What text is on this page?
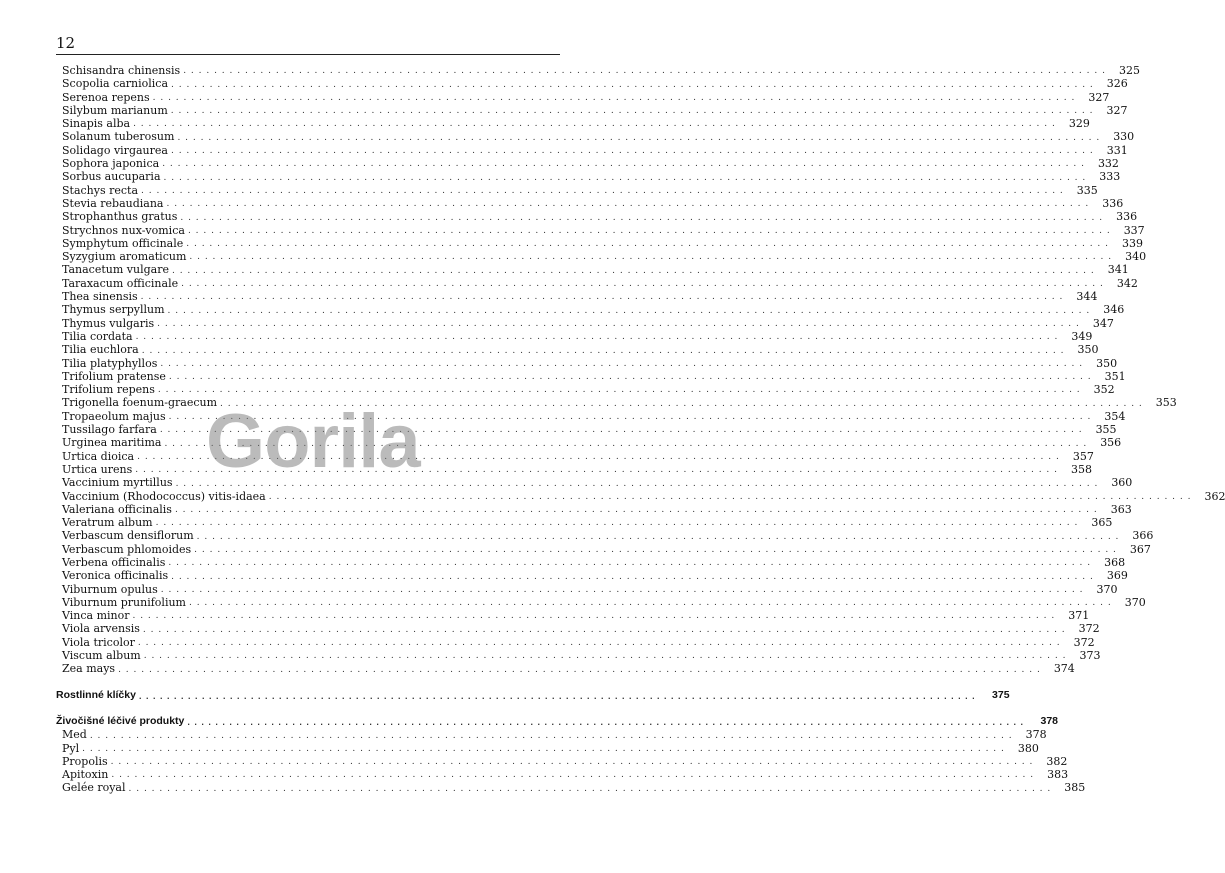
12
Schisandra chinensis . . . . . . . . . . . . . . . . . . . . . . . . . . . . . . . . . . . . . . . . . . . . . . . . . . . . . . . . . . . . . . . . . . . . . . . . . . . . . . . . . . . . . . . . . . . . . . . . . . . . . . . . . . . . . . . . . . . . . . . .	325
Scopolia carniolica . . . . . . . . . . . . . . . . . . . . . . . . . . . . . . . . . . . . . . . . . . . . . . . . . . . . . . . . . . . . . . . . . . . . . . . . . . . . . . . . . . . . . . . . . . . . . . . . . . . . . . . . . . . . . . . . . . . . . . . .	326
Serenoa repens . . . . . . . . . . . . . . . . . . . . . . . . . . . . . . . . . . . . . . . . . . . . . . . . . . . . . . . . . . . . . . . . . . . . . . . . . . . . . . . . . . . . . . . . . . . . . . . . . . . . . . . . . . . . . . . . . . . . . . . .	327
Silybum marianum . . . . . . . . . . . . . . . . . . . . . . . . . . . . . . . . . . . . . . . . . . . . . . . . . . . . . . . . . . . . . . . . . . . . . . . . . . . . . . . . . . . . . . . . . . . . . . . . . . . . . . . . . . . . . . . . . . . . . . . .	327
Sinapis alba . . . . . . . . . . . . . . . . . . . . . . . . . . . . . . . . . . . . . . . . . . . . . . . . . . . . . . . . . . . . . . . . . . . . . . . . . . . . . . . . . . . . . . . . . . . . . . . . . . . . . . . . . . . . . . . . . . . . . . . .	329
Solanum tuberosum . . . . . . . . . . . . . . . . . . . . . . . . . . . . . . . . . . . . . . . . . . . . . . . . . . . . . . . . . . . . . . . . . . . . . . . . . . . . . . . . . . . . . . . . . . . . . . . . . . . . . . . . . . . . . . . . . . . . . . . .	330
Solidago virgaurea . . . . . . . . . . . . . . . . . . . . . . . . . . . . . . . . . . . . . . . . . . . . . . . . . . . . . . . . . . . . . . . . . . . . . . . . . . . . . . . . . . . . . . . . . . . . . . . . . . . . . . . . . . . . . . . . . . . . . . . .	331
Sophora japonica . . . . . . . . . . . . . . . . . . . . . . . . . . . . . . . . . . . . . . . . . . . . . . . . . . . . . . . . . . . . . . . . . . . . . . . . . . . . . . . . . . . . . . . . . . . . . . . . . . . . . . . . . . . . . . . . . . . . . . . .	332
Sorbus aucuparia . . . . . . . . . . . . . . . . . . . . . . . . . . . . . . . . . . . . . . . . . . . . . . . . . . . . . . . . . . . . . . . . . . . . . . . . . . . . . . . . . . . . . . . . . . . . . . . . . . . . . . . . . . . . . . . . . . . . . . . .	333
Stachys recta . . . . . . . . . . . . . . . . . . . . . . . . . . . . . . . . . . . . . . . . . . . . . . . . . . . . . . . . . . . . . . . . . . . . . . . . . . . . . . . . . . . . . . . . . . . . . . . . . . . . . . . . . . . . . . . . . . . . . . . .	335
Stevia rebaudiana . . . . . . . . . . . . . . . . . . . . . . . . . . . . . . . . . . . . . . . . . . . . . . . . . . . . . . . . . . . . . . . . . . . . . . . . . . . . . . . . . . . . . . . . . . . . . . . . . . . . . . . . . . . . . . . . . . . . . . . .	336
Strophanthus gratus . . . . . . . . . . . . . . . . . . . . . . . . . . . . . . . . . . . . . . . . . . . . . . . . . . . . . . . . . . . . . . . . . . . . . . . . . . . . . . . . . . . . . . . . . . . . . . . . . . . . . . . . . . . . . . . . . . . . . . . .	336
Strychnos nux-vomica . . . . . . . . . . . . . . . . . . . . . . . . . . . . . . . . . . . . . . . . . . . . . . . . . . . . . . . . . . . . . . . . . . . . . . . . . . . . . . . . . . . . . . . . . . . . . . . . . . . . . . . . . . . . . . . . . . . . . . . .	337
Symphytum officinale . . . . . . . . . . . . . . . . . . . . . . . . . . . . . . . . . . . . . . . . . . . . . . . . . . . . . . . . . . . . . . . . . . . . . . . . . . . . . . . . . . . . . . . . . . . . . . . . . . . . . . . . . . . . . . . . . . . . . . . .	339
Syzygium aromaticum . . . . . . . . . . . . . . . . . . . . . . . . . . . . . . . . . . . . . . . . . . . . . . . . . . . . . . . . . . . . . . . . . . . . . . . . . . . . . . . . . . . . . . . . . . . . . . . . . . . . . . . . . . . . . . . . . . . . . . . .	340
Tanacetum vulgare . . . . . . . . . . . . . . . . . . . . . . . . . . . . . . . . . . . . . . . . . . . . . . . . . . . . . . . . . . . . . . . . . . . . . . . . . . . . . . . . . . . . . . . . . . . . . . . . . . . . . . . . . . . . . . . . . . . . . . . .	341
Taraxacum officinale . . . . . . . . . . . . . . . . . . . . . . . . . . . . . . . . . . . . . . . . . . . . . . . . . . . . . . . . . . . . . . . . . . . . . . . . . . . . . . . . . . . . . . . . . . . . . . . . . . . . . . . . . . . . . . . . . . . . . . . .	342
Thea sinensis . . . . . . . . . . . . . . . . . . . . . . . . . . . . . . . . . . . . . . . . . . . . . . . . . . . . . . . . . . . . . . . . . . . . . . . . . . . . . . . . . . . . . . . . . . . . . . . . . . . . . . . . . . . . . . . . . . . . . . . .	344
Thymus serpyllum . . . . . . . . . . . . . . . . . . . . . . . . . . . . . . . . . . . . . . . . . . . . . . . . . . . . . . . . . . . . . . . . . . . . . . . . . . . . . . . . . . . . . . . . . . . . . . . . . . . . . . . . . . . . . . . . . . . . . . . .	346
Thymus vulgaris . . . . . . . . . . . . . . . . . . . . . . . . . . . . . . . . . . . . . . . . . . . . . . . . . . . . . . . . . . . . . . . . . . . . . . . . . . . . . . . . . . . . . . . . . . . . . . . . . . . . . . . . . . . . . . . . . . . . . . . .	347
Tilia cordata . . . . . . . . . . . . . . . . . . . . . . . . . . . . . . . . . . . . . . . . . . . . . . . . . . . . . . . . . . . . . . . . . . . . . . . . . . . . . . . . . . . . . . . . . . . . . . . . . . . . . . . . . . . . . . . . . . . . . . . .	349
Tilia euchlora . . . . . . . . . . . . . . . . . . . . . . . . . . . . . . . . . . . . . . . . . . . . . . . . . . . . . . . . . . . . . . . . . . . . . . . . . . . . . . . . . . . . . . . . . . . . . . . . . . . . . . . . . . . . . . . . . . . . . . . .	350
Tilia platyphyllos . . . . . . . . . . . . . . . . . . . . . . . . . . . . . . . . . . . . . . . . . . . . . . . . . . . . . . . . . . . . . . . . . . . . . . . . . . . . . . . . . . . . . . . . . . . . . . . . . . . . . . . . . . . . . . . . . . . . . . . .	350
Trifolium pratense . . . . . . . . . . . . . . . . . . . . . . . . . . . . . . . . . . . . . . . . . . . . . . . . . . . . . . . . . . . . . . . . . . . . . . . . . . . . . . . . . . . . . . . . . . . . . . . . . . . . . . . . . . . . . . . . . . . . . . . .	351
Trifolium repens . . . . . . . . . . . . . . . . . . . . . . . . . . . . . . . . . . . . . . . . . . . . . . . . . . . . . . . . . . . . . . . . . . . . . . . . . . . . . . . . . . . . . . . . . . . . . . . . . . . . . . . . . . . . . . . . . . . . . . . .	352
Trigonella foenum-graecum . . . . . . . . . . . . . . . . . . . . . . . . . . . . . . . . . . . . . . . . . . . . . . . . . . . . . . . . . . . . . . . . . . . . . . . . . . . . . . . . . . . . . . . . . . . . . . . . . . . . . . . . . . . . . . . . . . . . . . . .	353
Tropaeolum majus . . . . . . . . . . . . . . . . . . . . . . . . . . . . . . . . . . . . . . . . . . . . . . . . . . . . . . . . . . . . . . . . . . . . . . . . . . . . . . . . . . . . . . . . . . . . . . . . . . . . . . . . . . . . . . . . . . . . . . . .	354
Tussilago farfara . . . . . . . . . . . . . . . . . . . . . . . . . . . . . . . . . . . . . . . . . . . . . . . . . . . . . . . . . . . . . . . . . . . . . . . . . . . . . . . . . . . . . . . . . . . . . . . . . . . . . . . . . . . . . . . . . . . . . . . .	355
Urginea maritima . . . . . . . . . . . . . . . . . . . . . . . . . . . . . . . . . . . . . . . . . . . . . . . . . . . . . . . . . . . . . . . . . . . . . . . . . . . . . . . . . . . . . . . . . . . . . . . . . . . . . . . . . . . . . . . . . . . . . . . .	356
Urtica dioica . . . . . . . . . . . . . . . . . . . . . . . . . . . . . . . . . . . . . . . . . . . . . . . . . . . . . . . . . . . . . . . . . . . . . . . . . . . . . . . . . . . . . . . . . . . . . . . . . . . . . . . . . . . . . . . . . . . . . . . .	357
Urtica urens . . . . . . . . . . . . . . . . . . . . . . . . . . . . . . . . . . . . . . . . . . . . . . . . . . . . . . . . . . . . . . . . . . . . . . . . . . . . . . . . . . . . . . . . . . . . . . . . . . . . . . . . . . . . . . . . . . . . . . . .	358
Vaccinium myrtillus . . . . . . . . . . . . . . . . . . . . . . . . . . . . . . . . . . . . . . . . . . . . . . . . . . . . . . . . . . . . . . . . . . . . . . . . . . . . . . . . . . . . . . . . . . . . . . . . . . . . . . . . . . . . . . . . . . . . . . . .	360
Vaccinium (Rhodococcus) vitis-idaea . . . . . . . . . . . . . . . . . . . . . . . . . . . . . . . . . . . . . . . . . . . . . . . . . . . . . . . . . . . . . . . . . . . . . . . . . . . . . . . . . . . . . . . . . . . . . . . . . . . . . . . . . . . . . . . . . . . . . . . .	362
Valeriana officinalis . . . . . . . . . . . . . . . . . . . . . . . . . . . . . . . . . . . . . . . . . . . . . . . . . . . . . . . . . . . . . . . . . . . . . . . . . . . . . . . . . . . . . . . . . . . . . . . . . . . . . . . . . . . . . . . . . . . . . . . .	363
Veratrum album . . . . . . . . . . . . . . . . . . . . . . . . . . . . . . . . . . . . . . . . . . . . . . . . . . . . . . . . . . . . . . . . . . . . . . . . . . . . . . . . . . . . . . . . . . . . . . . . . . . . . . . . . . . . . . . . . . . . . . . .	365
Verbascum densiflorum . . . . . . . . . . . . . . . . . . . . . . . . . . . . . . . . . . . . . . . . . . . . . . . . . . . . . . . . . . . . . . . . . . . . . . . . . . . . . . . . . . . . . . . . . . . . . . . . . . . . . . . . . . . . . . . . . . . . . . . .	366
Verbascum phlomoides . . . . . . . . . . . . . . . . . . . . . . . . . . . . . . . . . . . . . . . . . . . . . . . . . . . . . . . . . . . . . . . . . . . . . . . . . . . . . . . . . . . . . . . . . . . . . . . . . . . . . . . . . . . . . . . . . . . . . . . .	367
Verbena officinalis . . . . . . . . . . . . . . . . . . . . . . . . . . . . . . . . . . . . . . . . . . . . . . . . . . . . . . . . . . . . . . . . . . . . . . . . . . . . . . . . . . . . . . . . . . . . . . . . . . . . . . . . . . . . . . . . . . . . . . . .	368
Veronica officinalis . . . . . . . . . . . . . . . . . . . . . . . . . . . . . . . . . . . . . . . . . . . . . . . . . . . . . . . . . . . . . . . . . . . . . . . . . . . . . . . . . . . . . . . . . . . . . . . . . . . . . . . . . . . . . . . . . . . . . . . .	369
Viburnum opulus . . . . . . . . . . . . . . . . . . . . . . . . . . . . . . . . . . . . . . . . . . . . . . . . . . . . . . . . . . . . . . . . . . . . . . . . . . . . . . . . . . . . . . . . . . . . . . . . . . . . . . . . . . . . . . . . . . . . . . . .	370
Viburnum prunifolium . . . . . . . . . . . . . . . . . . . . . . . . . . . . . . . . . . . . . . . . . . . . . . . . . . . . . . . . . . . . . . . . . . . . . . . . . . . . . . . . . . . . . . . . . . . . . . . . . . . . . . . . . . . . . . . . . . . . . . . .	370
Vinca minor . . . . . . . . . . . . . . . . . . . . . . . . . . . . . . . . . . . . . . . . . . . . . . . . . . . . . . . . . . . . . . . . . . . . . . . . . . . . . . . . . . . . . . . . . . . . . . . . . . . . . . . . . . . . . . . . . . . . . . . .	371
Viola arvensis . . . . . . . . . . . . . . . . . . . . . . . . . . . . . . . . . . . . . . . . . . . . . . . . . . . . . . . . . . . . . . . . . . . . . . . . . . . . . . . . . . . . . . . . . . . . . . . . . . . . . . . . . . . . . . . . . . . . . . . .	372
Viola tricolor . . . . . . . . . . . . . . . . . . . . . . . . . . . . . . . . . . . . . . . . . . . . . . . . . . . . . . . . . . . . . . . . . . . . . . . . . . . . . . . . . . . . . . . . . . . . . . . . . . . . . . . . . . . . . . . . . . . . . . . .	372
Viscum album . . . . . . . . . . . . . . . . . . . . . . . . . . . . . . . . . . . . . . . . . . . . . . . . . . . . . . . . . . . . . . . . . . . . . . . . . . . . . . . . . . . . . . . . . . . . . . . . . . . . . . . . . . . . . . . . . . . . . . . .	373
Zea mays . . . . . . . . . . . . . . . . . . . . . . . . . . . . . . . . . . . . . . . . . . . . . . . . . . . . . . . . . . . . . . . . . . . . . . . . . . . . . . . . . . . . . . . . . . . . . . . . . . . . . . . . . . . . . . . . . . . . . . . .	374
Rostlinné klíčky . . . . . . . . . . . . . . . . . . . . . . . . . . . . . . . . . . . . . . . . . . . . . . . . . . . . . . . . . . . . . . . . . . . . . . . . . . . . . . . . . . . . . . . . . . . . . . . . . . . . . . . . . . . . . . . . . . . . . . . .	375
Živočišné léčivé produkty . . . . . . . . . . . . . . . . . . . . . . . . . . . . . . . . . . . . . . . . . . . . . . . . . . . . . . . . . . . . . . . . . . . . . . . . . . . . . . . . . . . . . . . . . . . . . . . . . . . . . . . . . . . . . . . . . . . . . . . .	378
Med . . . . . . . . . . . . . . . . . . . . . . . . . . . . . . . . . . . . . . . . . . . . . . . . . . . . . . . . . . . . . . . . . . . . . . . . . . . . . . . . . . . . . . . . . . . . . . . . . . . . . . . . . . . . . . . . . . . . . . . .	378
Pyl . . . . . . . . . . . . . . . . . . . . . . . . . . . . . . . . . . . . . . . . . . . . . . . . . . . . . . . . . . . . . . . . . . . . . . . . . . . . . . . . . . . . . . . . . . . . . . . . . . . . . . . . . . . . . . . . . . . . . . . .	380
Propolis . . . . . . . . . . . . . . . . . . . . . . . . . . . . . . . . . . . . . . . . . . . . . . . . . . . . . . . . . . . . . . . . . . . . . . . . . . . . . . . . . . . . . . . . . . . . . . . . . . . . . . . . . . . . . . . . . . . . . . . .	382
Apitoxin . . . . . . . . . . . . . . . . . . . . . . . . . . . . . . . . . . . . . . . . . . . . . . . . . . . . . . . . . . . . . . . . . . . . . . . . . . . . . . . . . . . . . . . . . . . . . . . . . . . . . . . . . . . . . . . . . . . . . . . .	383
Gelée royal . . . . . . . . . . . . . . . . . . . . . . . . . . . . . . . . . . . . . . . . . . . . . . . . . . . . . . . . . . . . . . . . . . . . . . . . . . . . . . . . . . . . . . . . . . . . . . . . . . . . . . . . . . . . . . . . . . . . . . . .	385
Gorila
